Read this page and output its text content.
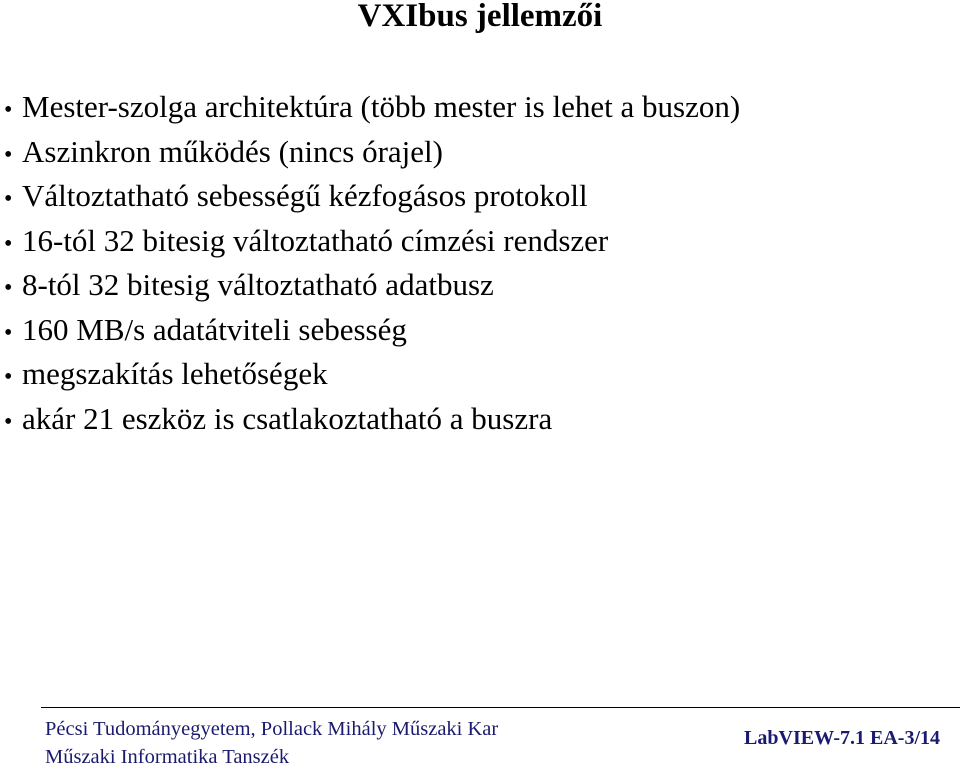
VXIbus jellemzői
• Mester-szolga architektúra (több mester is lehet a buszon)
• Aszinkron működés (nincs órajel)
• Változtatható sebességű kézfogásos protokoll
• 16-tól 32 bitesig változtatható címzési rendszer
• 8-tól 32 bitesig változtatható adatbusz
• 160 MB/s adatátviteli sebesség
• megszakítás lehetőségek
• akár 21 eszköz is csatlakoztatható a buszra
Pécsi Tudományegyetem, Pollack Mihály Műszaki Kar
Műszaki Informatika Tanszék
LabVIEW-7.1 EA-3/14
